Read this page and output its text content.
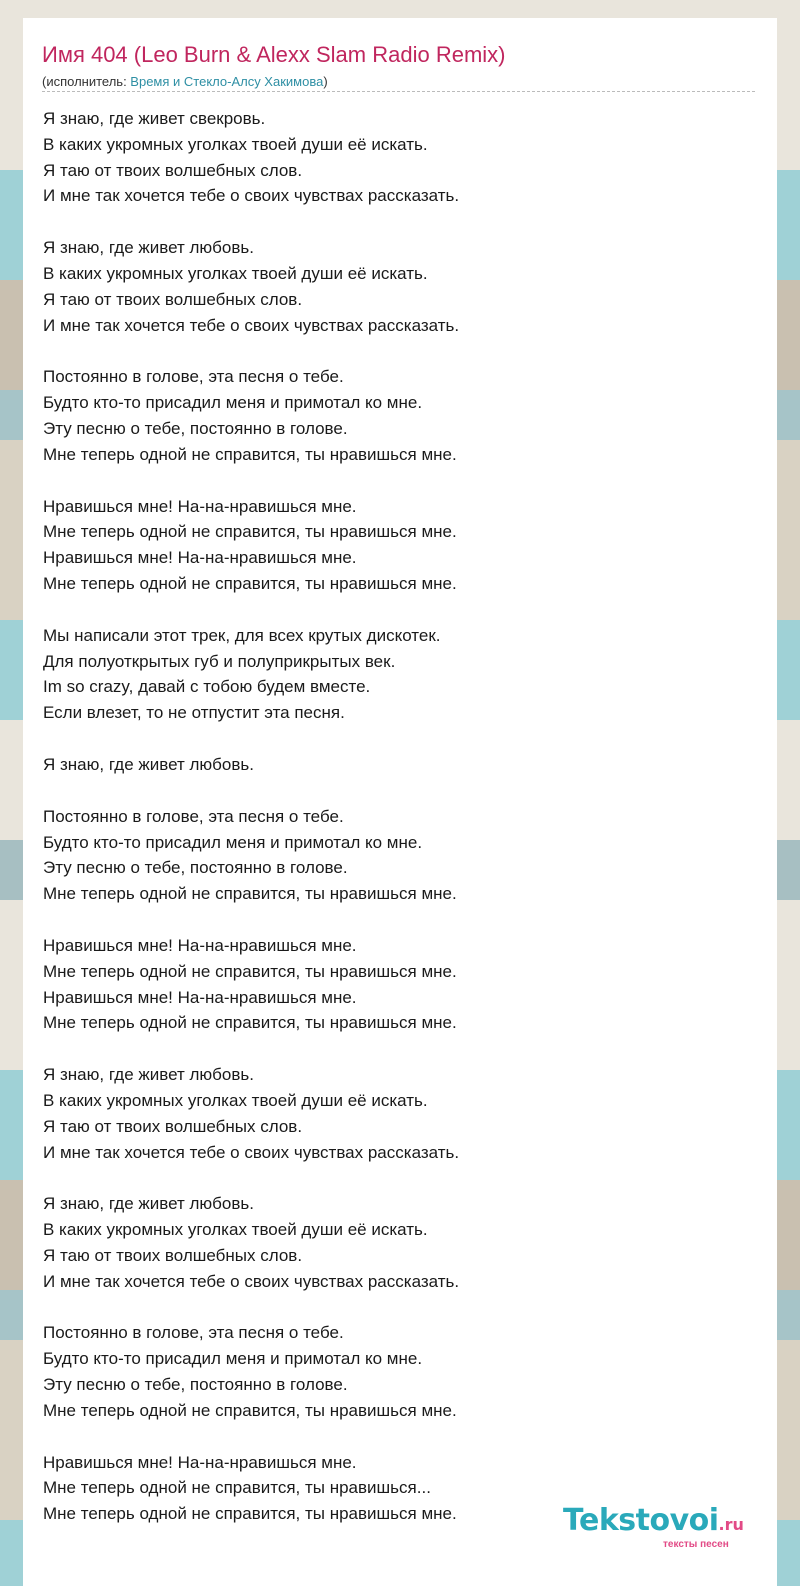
Имя 404 (Leo Burn & Alexx Slam Radio Remix)
(исполнитель: Время и Стекло-Алсу Хакимова)
Я знаю, где живет свекровь.
В каких укромных уголках твоей души её искать.
Я таю от твоих волшебных слов.
И мне так хочется тебе о своих чувствах рассказать.
Я знаю, где живет любовь.
В каких укромных уголках твоей души её искать.
Я таю от твоих волшебных слов.
И мне так хочется тебе о своих чувствах рассказать.
Постоянно в голове, эта песня о тебе.
Будто кто-то присадил меня и примотал ко мне.
Эту песню о тебе, постоянно в голове.
Мне теперь одной не справится, ты нравишься мне.
Нравишься мне! На-на-нравишься мне.
Мне теперь одной не справится, ты нравишься мне.
Нравишься мне! На-на-нравишься мне.
Мне теперь одной не справится, ты нравишься мне.
Мы написали этот трек, для всех крутых дискотек.
Для полуоткрытых губ и полуприкрытых век.
Im so crazy, давай с тобою будем вместе.
Если влезет, то не отпустит эта песня.
Я знаю, где живет любовь.
Постоянно в голове, эта песня о тебе.
Будто кто-то присадил меня и примотал ко мне.
Эту песню о тебе, постоянно в голове.
Мне теперь одной не справится, ты нравишься мне.
Нравишься мне! На-на-нравишься мне.
Мне теперь одной не справится, ты нравишься мне.
Нравишься мне! На-на-нравишься мне.
Мне теперь одной не справится, ты нравишься мне.
Я знаю, где живет любовь.
В каких укромных уголках твоей души её искать.
Я таю от твоих волшебных слов.
И мне так хочется тебе о своих чувствах рассказать.
Я знаю, где живет любовь.
В каких укромных уголках твоей души её искать.
Я таю от твоих волшебных слов.
И мне так хочется тебе о своих чувствах рассказать.
Постоянно в голове, эта песня о тебе.
Будто кто-то присадил меня и примотал ко мне.
Эту песню о тебе, постоянно в голове.
Мне теперь одной не справится, ты нравишься мне.
Нравишься мне! На-на-нравишься мне.
Мне теперь одной не справится, ты нравишься...
Мне теперь одной не справится, ты нравишься мне.	Tekstovoi.ru
тексты песен
